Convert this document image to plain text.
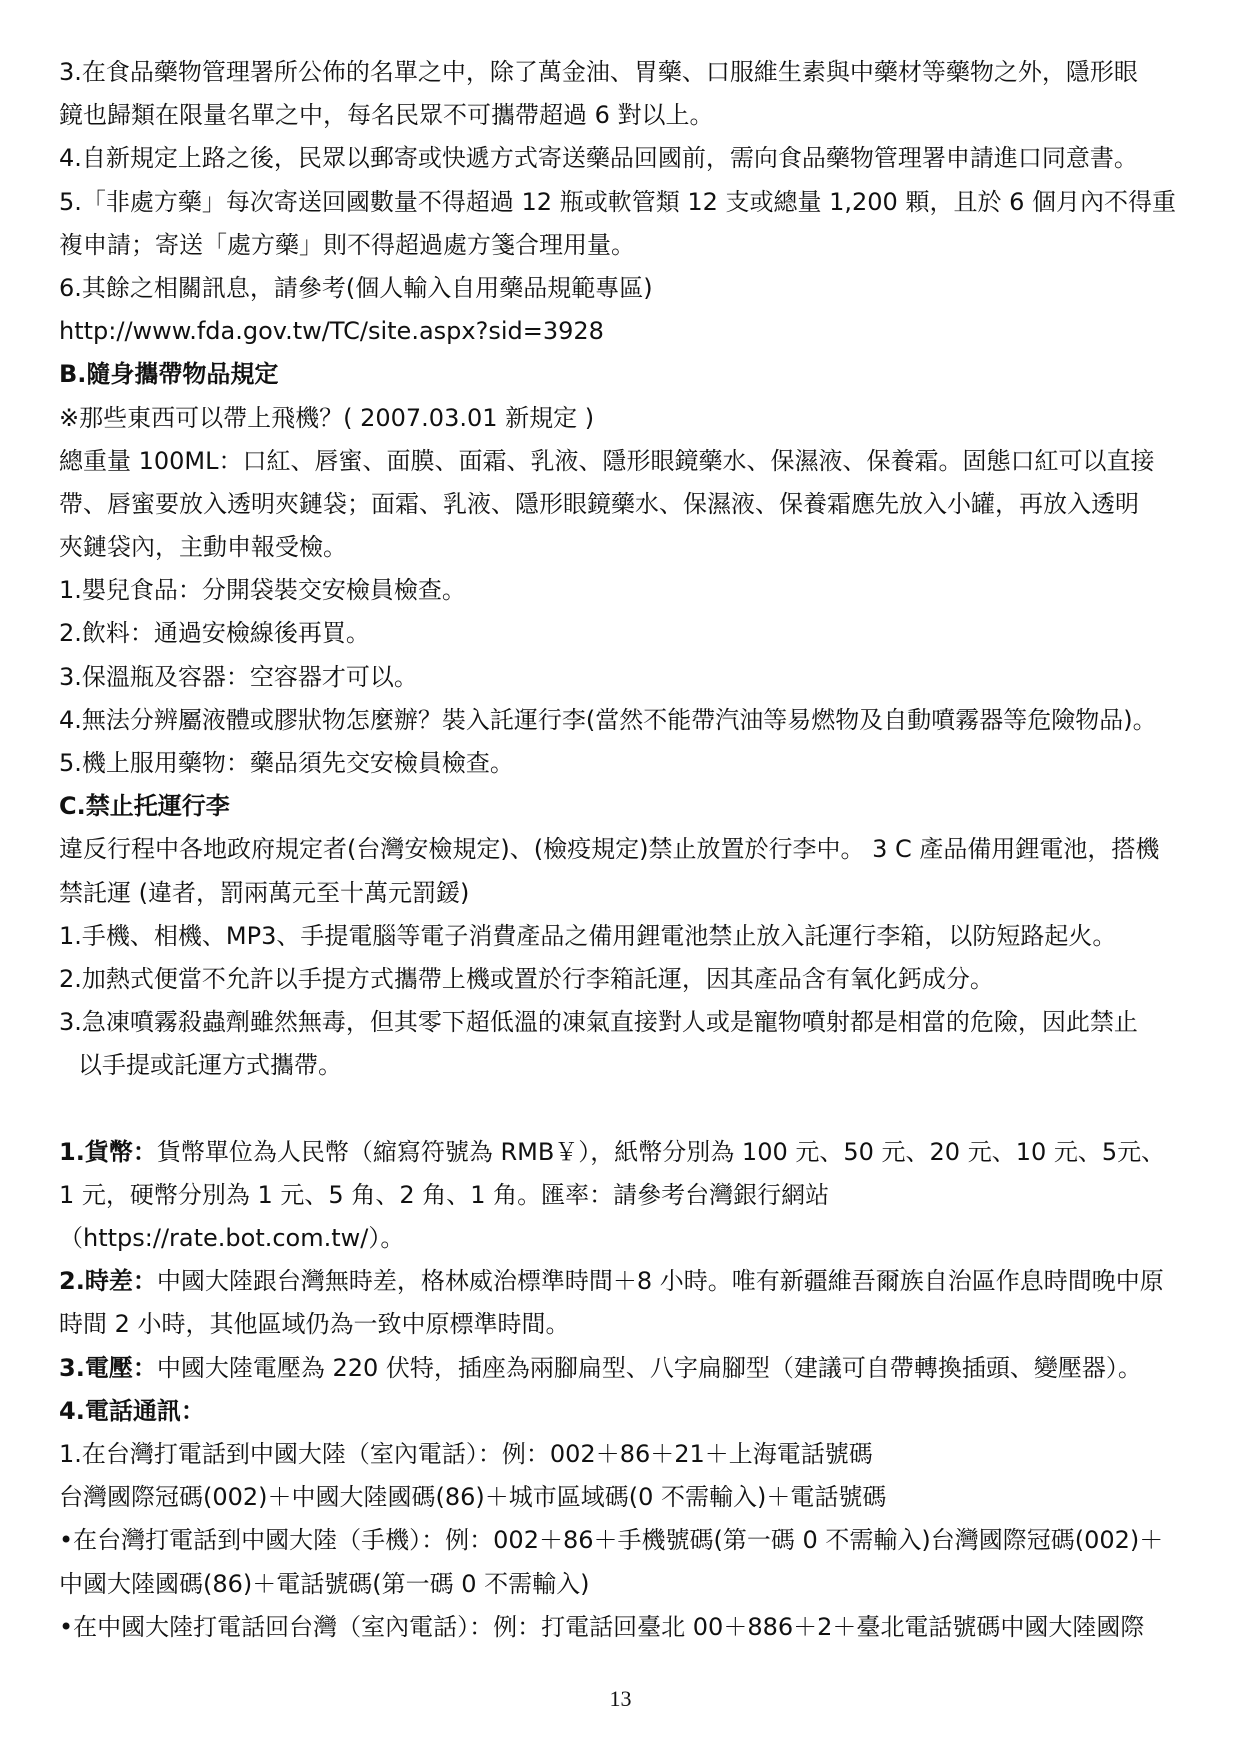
3.在食品藥物管理署所公佈的名單之中，除了萬金油、胃藥、口服維生素與中藥材等藥物之外，隱形眼
鏡也歸類在限量名單之中，每名民眾不可攜帶超過 6 對以上。
4.自新規定上路之後，民眾以郵寄或快遞方式寄送藥品回國前，需向食品藥物管理署申請進口同意書。
5.「非處方藥」每次寄送回國數量不得超過 12 瓶或軟管類 12 支或總量 1,200 顆，且於 6 個月內不得重
複申請；寄送「處方藥」則不得超過處方箋合理用量。
6.其餘之相關訊息，請參考(個人輸入自用藥品規範專區)
http://www.fda.gov.tw/TC/site.aspx?sid=3928
B.隨身攜帶物品規定
※那些東西可以帶上飛機？( 2007.03.01 新規定 )
總重量 100ML：口紅、唇蜜、面膜、面霜、乳液、隱形眼鏡藥水、保濕液、保養霜。固態口紅可以直接
帶、唇蜜要放入透明夾鏈袋；面霜、乳液、隱形眼鏡藥水、保濕液、保養霜應先放入小罐，再放入透明
夾鏈袋內，主動申報受檢。
1.嬰兒食品：分開袋裝交安檢員檢查。
2.飲料：通過安檢線後再買。
3.保溫瓶及容器：空容器才可以。
4.無法分辨屬液體或膠狀物怎麼辦？裝入託運行李(當然不能帶汽油等易燃物及自動噴霧器等危險物品)。
5.機上服用藥物：藥品須先交安檢員檢查。
C.禁止托運行李
違反行程中各地政府規定者(台灣安檢規定)、(檢疫規定)禁止放置於行李中。 3 C 產品備用鋰電池，搭機
禁託運 (違者，罰兩萬元至十萬元罰鍰)
1.手機、相機、MP3、手提電腦等電子消費產品之備用鋰電池禁止放入託運行李箱，以防短路起火。
2.加熱式便當不允許以手提方式攜帶上機或置於行李箱託運，因其產品含有氧化鈣成分。
3.急凍噴霧殺蟲劑雖然無毒，但其零下超低溫的凍氣直接對人或是寵物噴射都是相當的危險，因此禁止
以手提或託運方式攜帶。
1.貨幣：貨幣單位為人民幣（縮寫符號為 RMB￥），紙幣分別為 100 元、50 元、20 元、10 元、5元、
1 元，硬幣分別為 1 元、5 角、2 角、1 角。匯率：請參考台灣銀行網站
（https://rate.bot.com.tw/）。
2.時差：中國大陸跟台灣無時差，格林威治標準時間＋8 小時。唯有新疆維吾爾族自治區作息時間晚中原
時間 2 小時，其他區域仍為一致中原標準時間。
3.電壓：中國大陸電壓為 220 伏特，插座為兩腳扁型、八字扁腳型（建議可自帶轉換插頭、變壓器）。
4.電話通訊：
1.在台灣打電話到中國大陸（室內電話）：例：002＋86＋21＋上海電話號碼
台灣國際冠碼(002)＋中國大陸國碼(86)＋城市區域碼(0 不需輸入)＋電話號碼
•在台灣打電話到中國大陸（手機）：例：002＋86＋手機號碼(第一碼 0 不需輸入)台灣國際冠碼(002)＋
中國大陸國碼(86)＋電話號碼(第一碼 0 不需輸入)
•在中國大陸打電話回台灣（室內電話）：例：打電話回臺北 00＋886＋2＋臺北電話號碼中國大陸國際
13
